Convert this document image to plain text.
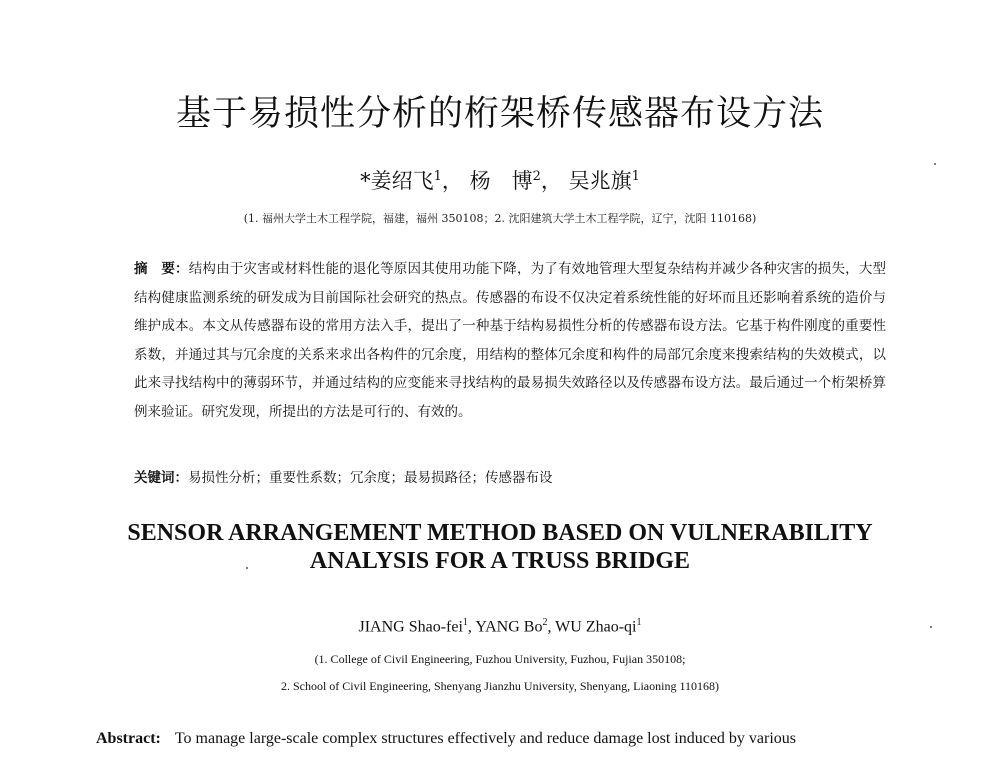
基于易损性分析的桁架桥传感器布设方法
*姜绍飞$^1$， 杨　博$^2$， 吴兆旗$^1$
(1. 福州大学土木工程学院，福建，福州 350108；2. 沈阳建筑大学土木工程学院，辽宁，沈阳 110168)
摘　要：结构由于灾害或材料性能的退化等原因其使用功能下降，为了有效地管理大型复杂结构并减少各种灾害的损失，大型结构健康监测系统的研发成为目前国际社会研究的热点。传感器的布设不仅决定着系统性能的好坏而且还影响着系统的造价与维护成本。本文从传感器布设的常用方法入手，提出了一种基于结构易损性分析的传感器布设方法。它基于构件刚度的重要性系数，并通过其与冗余度的关系来求出各构件的冗余度，用结构的整体冗余度和构件的局部冗余度来搜索结构的失效模式，以此来寻找结构中的薄弱环节，并通过结构的应变能来寻找结构的最易损失效路径以及传感器布设方法。最后通过一个桁架桥算例来验证。研究发现，所提出的方法是可行的、有效的。
关键词：易损性分析；重要性系数；冗余度；最易损路径；传感器布设
SENSOR ARRANGEMENT METHOD BASED ON VULNERABILITY
ANALYSIS FOR A TRUSS BRIDGE
JIANG Shao-fei$^1$, YANG Bo$^2$, WU Zhao-$qi^1$
(1. College of Civil Engineering, Fuzhou University, Fuzhou, Fujian 350108;
2. School of Civil Engineering, Shenyang Jianzhu University, Shenyang, Liaoning 110168)
Abstract: To manage large-scale complex structures effectively and reduce damage lost induced by various
